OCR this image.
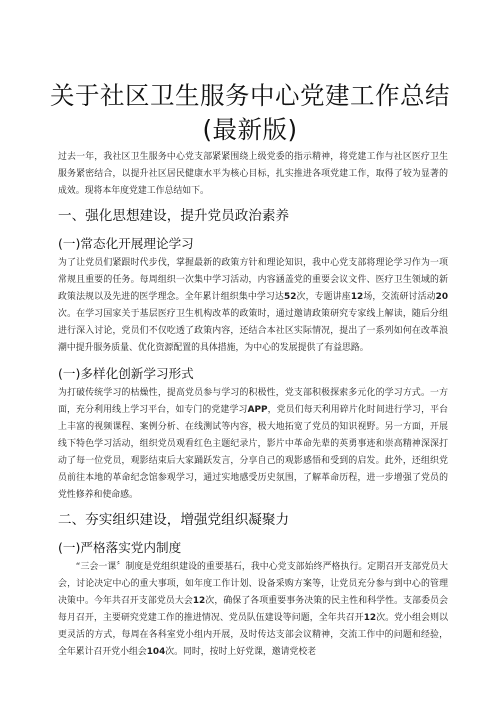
关于社区卫生服务中心党建工作总结
(最新版)

过去一年，我社区卫生服务中心党支部紧紧围绕上级党委的指示精神，将党建工作与社区医疗卫生服务紧密结合，以提升社区居民健康水平为核心目标，扎实推进各项党建工作，取得了较为显著的成效。现将本年度党建工作总结如下。

一、强化思想建设，提升党员政治素养
(一)常态化开展理论学习

为了让党员们紧跟时代步伐，掌握最新的政策方针和理论知识，我中心党支部将理论学习作为一项常规且重要的任务。每周组织一次集中学习活动，内容涵盖党的重要会议文件、医疗卫生领域的新政策法规以及先进的医学理念。全年累计组织集中学习达52次，专题讲座12场，交流研讨活动20次。在学习国家关于基层医疗卫生机构改革的政策时，通过邀请政策研究专家线上解读，随后分组进行深入讨论，党员们不仅吃透了政策内容，还结合本社区实际情况，提出了一系列如何在改革浪潮中提升服务质量、优化资源配置的具体措施，为中心的发展提供了有益思路。

(一)多样化创新学习形式

为打破传统学习的枯燥性，提高党员参与学习的积极性，党支部积极探索多元化的学习方式。一方面，充分利用线上学习平台，如专门的党建学习APP，党员们每天利用碎片化时间进行学习，平台上丰富的视频课程、案例分析、在线测试等内容，极大地拓宽了党员的知识视野。另一方面，开展线下特色学习活动，组织党员观看红色主题纪录片，影片中革命先辈的英勇事迹和崇高精神深深打动了每一位党员，观影结束后大家踊跃发言，分享自己的观影感悟和受到的启发。此外，还组织党员前往本地的革命纪念馆参观学习，通过实地感受历史氛围，了解革命历程，进一步增强了党员的党性修养和使命感。

二、夯实组织建设，增强党组织凝聚力
(一)严格落实党内制度

“三会一课〞制度是党组织建设的重要基石，我中心党支部始终严格执行。定期召开支部党员大会，讨论决定中心的重大事项，如年度工作计划、设备采购方案等，让党员充分参与到中心的管理决策中。今年共召开支部党员大会12次，确保了各项重要事务决策的民主性和科学性。支部委员会每月召开，主要研究党建工作的推进情况、党员队伍建设等问题，全年共召开12次。党小组会则以更灵活的方式，每周在各科室党小组内开展，及时传达支部会议精神，交流工作中的问题和经验，全年累计召开党小组会104次。同时，按时上好党课，邀请党校老
